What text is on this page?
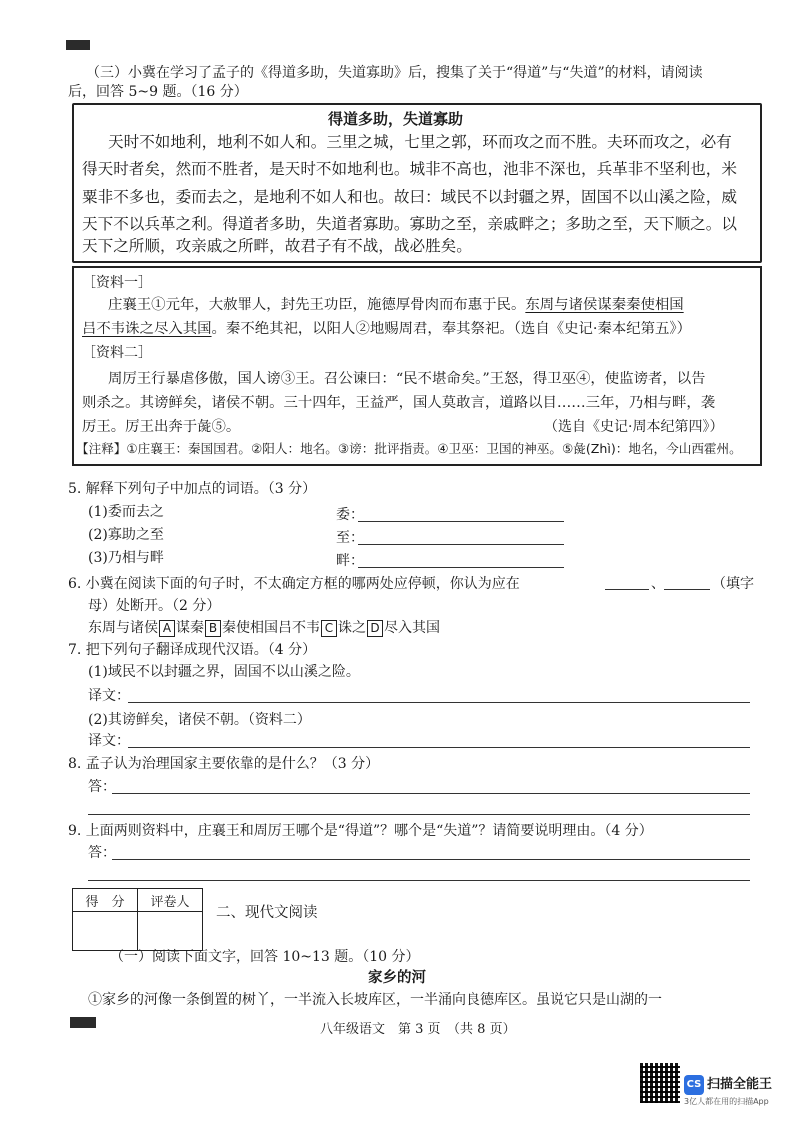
（三）小冀在学习了孟子的《得道多助，失道寡助》后，搜集了关于“得道”与“失道”的材料，请阅读
后，回答 5~9 题。（16 分）
得道多助，失道寡助
天时不如地利，地利不如人和。三里之城，七里之郭，环而攻之而不胜。夫环而攻之，必有
得天时者矣，然而不胜者，是天时不如地利也。城非不高也，池非不深也，兵革非不坚利也，米
粟非不多也，委而去之，是地利不如人和也。故曰：域民不以封疆之界，固国不以山溪之险，威
天下不以兵革之利。得道者多助，失道者寡助。寡助之至，亲戚畔之；多助之至，天下顺之。以
天下之所顺，攻亲戚之所畔，故君子有不战，战必胜矣。
［资料一］
庄襄王①元年，大赦罪人，封先王功臣，施德厚骨肉而布惠于民。东周与诸侯谋秦秦使相国
吕不韦诛之尽入其国。秦不绝其祀，以阳人②地赐周君，奉其祭祀。（选自《史记·秦本纪第五》）
［资料二］
周厉王行暴虐侈傲，国人谤③王。召公谏曰：“民不堪命矣。”王怒，得卫巫④，使监谤者，以告
则杀之。其谤鲜矣，诸侯不朝。三十四年，王益严，国人莫敢言，道路以目……三年，乃相与畔，袭
厉王。厉王出奔于彘⑤。	（选自《史记·周本纪第四》）
【注释】①庄襄王：秦国国君。②阳人：地名。③谤：批评指责。④卫巫：卫国的神巫。⑤彘(Zhì)：地名，今山西霍州。
5. 解释下列句子中加点的词语。（3 分）
(1)委而去之	委：
(2)寡助之至	至：
(3)乃相与畔	畔：
6. 小冀在阅读下面的句子时，不太确定方框的哪两处应停顿，你认为应在	、	（填字
母）处断开。（2 分）
东周与诸侯 A 谋秦 B 秦使相国吕不韦 C 诛之 D 尽入其国
7. 把下列句子翻译成现代汉语。（4 分）
(1)域民不以封疆之界，固国不以山溪之险。
译文：
(2)其谤鲜矣，诸侯不朝。（资料二）
译文：
8. 孟子认为治理国家主要依靠的是什么？（3 分）
答：
9. 上面两则资料中，庄襄王和周厉王哪个是“得道”？哪个是“失道”？请简要说明理由。（4 分）
答：
得　分	评卷人

二、现代文阅读
（一）阅读下面文字，回答 10~13 题。（10 分）
家乡的河
①家乡的河像一条倒置的树丫，一半流入长坡库区，一半涌向良德库区。虽说它只是山湖的一
八年级语文　第 3 页　（共 8 页）
CS 扫描全能王
3亿人都在用的扫描App
